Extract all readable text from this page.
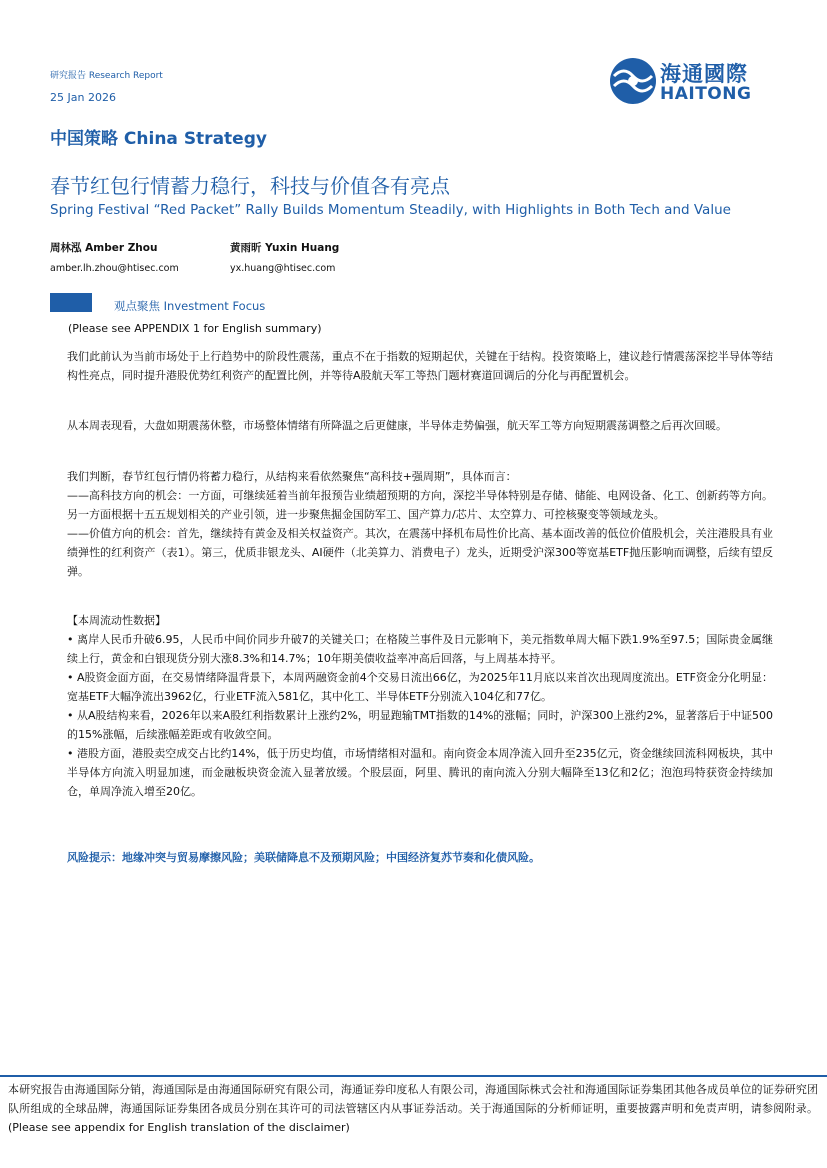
研究报告 Research Report
25 Jan 2026
海通國際
HAITONG
中国策略 China Strategy
春节红包行情蓄力稳行，科技与价值各有亮点
Spring Festival “Red Packet” Rally Builds Momentum Steadily, with Highlights in Both Tech and Value
周林泓 Amber Zhou	黄雨昕 Yuxin Huang
amber.lh.zhou@htisec.com	yx.huang@htisec.com
观点聚焦 Investment Focus
(Please see APPENDIX 1 for English summary)

我们此前认为当前市场处于上行趋势中的阶段性震荡，重点不在于指数的短期起伏，关键在于结构。投资策略上，建议趁行情震荡深挖半导体等结构性亮点，同时提升港股优势红利资产的配置比例，并等待A股航天军工等热门题材赛道回调后的分化与再配置机会。

从本周表现看，大盘如期震荡休整，市场整体情绪有所降温之后更健康，半导体走势偏强，航天军工等方向短期震荡调整之后再次回暖。

我们判断，春节红包行情仍将蓄力稳行，从结构来看依然聚焦“高科技+强周期”，具体而言：

——高科技方向的机会：一方面，可继续延着当前年报预告业绩超预期的方向，深挖半导体特别是存储、储能、电网设备、化工、创新药等方向。另一方面根据十五五规划相关的产业引领，进一步聚焦掘金国防军工、国产算力/芯片、太空算力、可控核聚变等领域龙头。

——价值方向的机会：首先，继续持有黄金及相关权益资产。其次，在震荡中择机布局性价比高、基本面改善的低位价值股机会，关注港股具有业绩弹性的红利资产（表1）。第三，优质非银龙头、AI硬件（北美算力、消费电子）龙头，近期受沪深300等宽基ETF抛压影响而调整，后续有望反弹。

【本周流动性数据】

• 离岸人民币升破6.95，人民币中间价同步升破7的关键关口；在格陵兰事件及日元影响下，美元指数单周大幅下跌1.9%至97.5；国际贵金属继续上行，黄金和白银现货分别大涨8.3%和14.7%；10年期美债收益率冲高后回落，与上周基本持平。

• A股资金面方面，在交易情绪降温背景下，本周两融资金前4个交易日流出66亿，为2025年11月底以来首次出现周度流出。ETF资金分化明显：宽基ETF大幅净流出3962亿，行业ETF流入581亿，其中化工、半导体ETF分别流入104亿和77亿。

• 从A股结构来看，2026年以来A股红利指数累计上涨约2%，明显跑输TMT指数的14%的涨幅；同时，沪深300上涨约2%，显著落后于中证500的15%涨幅，后续涨幅差距或有收敛空间。

• 港股方面，港股卖空成交占比约14%，低于历史均值，市场情绪相对温和。南向资金本周净流入回升至235亿元，资金继续回流科网板块，其中半导体方向流入明显加速，而金融板块资金流入显著放缓。个股层面，阿里、腾讯的南向流入分别大幅降至13亿和2亿；泡泡玛特获资金持续加仓，单周净流入增至20亿。

风险提示：地缘冲突与贸易摩擦风险；美联储降息不及预期风险；中国经济复苏节奏和化债风险。
本研究报告由海通国际分销，海通国际是由海通国际研究有限公司，海通证券印度私人有限公司，海通国际株式会社和海通国际证券集团其他各成员单位的证券研究团队所组成的全球品牌，海通国际证券集团各成员分别在其许可的司法管辖区内从事证券活动。关于海通国际的分析师证明，重要披露声明和免责声明，请参阅附录。(Please see appendix for English translation of the disclaimer)
